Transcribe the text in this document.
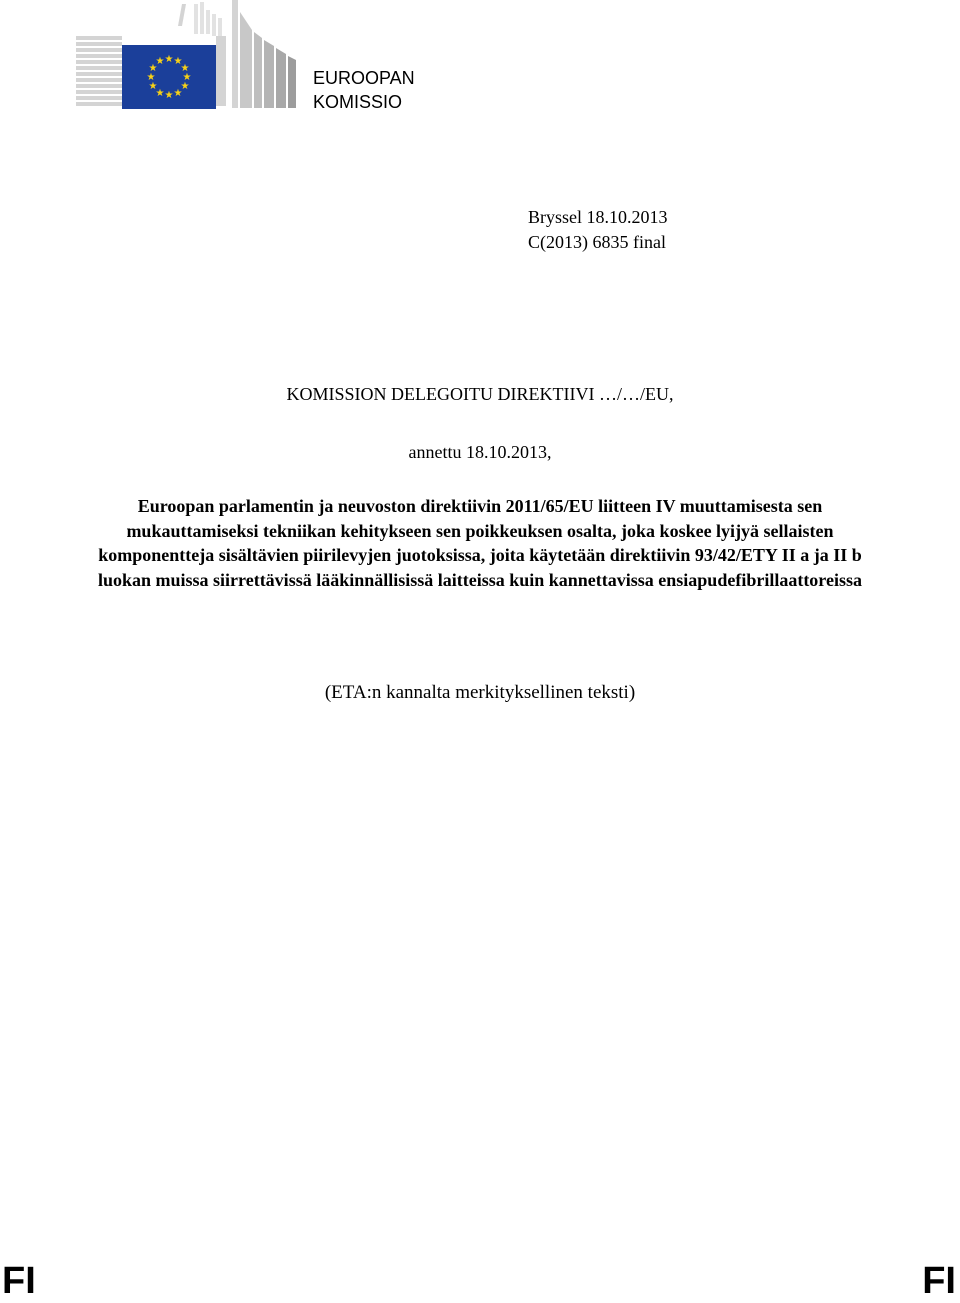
★ ★
★
★
★
★
★
★
★
★
★
★
EUROOPAN
KOMISSIO
Bryssel 18.10.2013
C(2013) 6835 final
KOMISSION DELEGOITU DIREKTIIVI …/…/EU,
annettu 18.10.2013,
Euroopan parlamentin ja neuvoston direktiivin 2011/65/EU liitteen IV muuttamisesta sen mukauttamiseksi tekniikan kehitykseen sen poikkeuksen osalta, joka koskee lyijyä sellaisten komponentteja sisältävien piirilevyjen juotoksissa, joita käytetään direktiivin 93/42/ETY II a ja II b luokan muissa siirrettävissä lääkinnällisissä laitteissa kuin kannettavissa ensiapudefibrillaattoreissa
(ETA:n kannalta merkityksellinen teksti)
FI	FI
